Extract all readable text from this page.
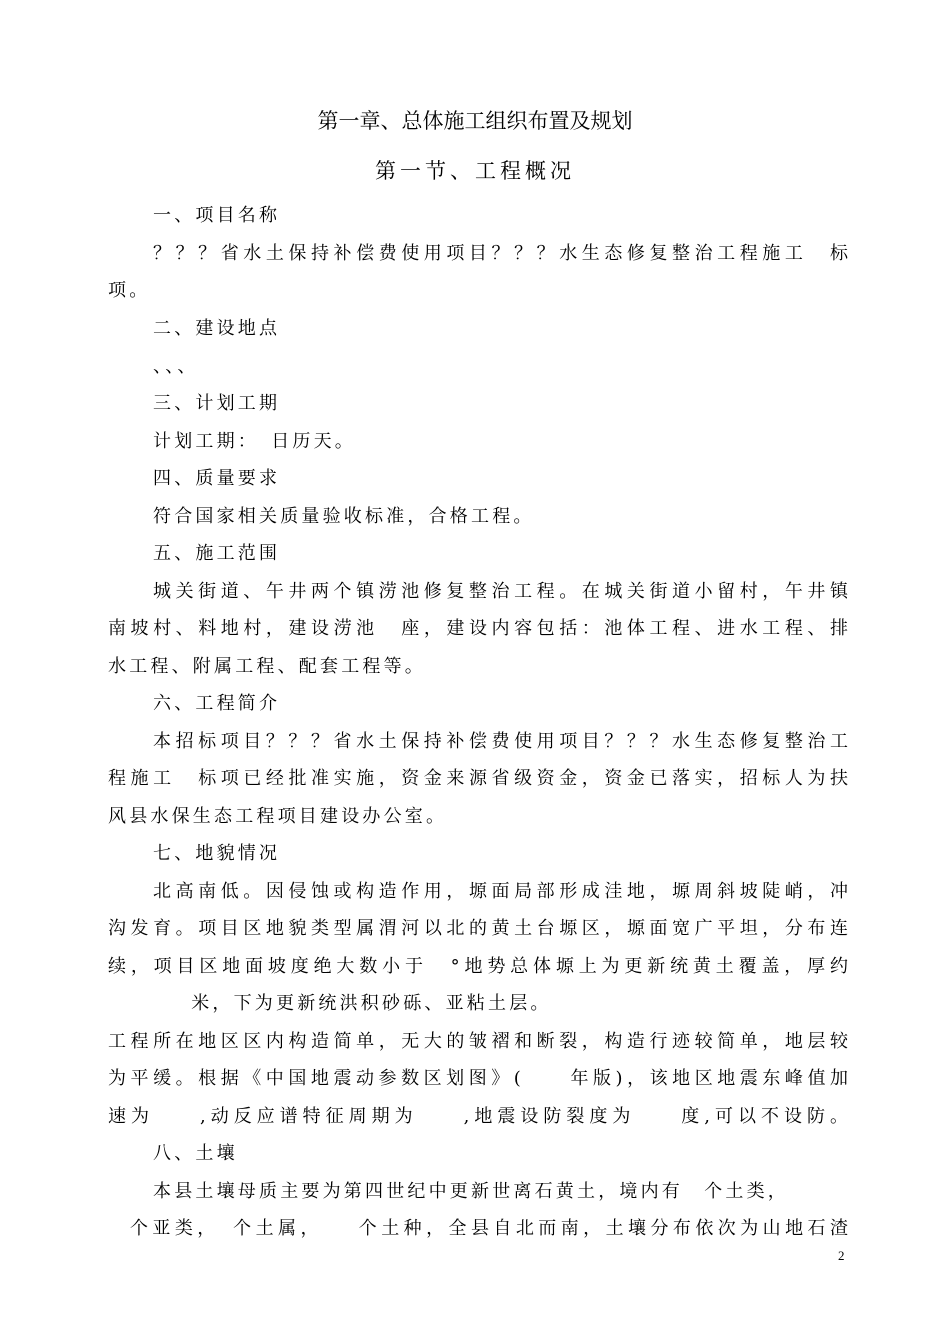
第一章、总体施工组织布置及规划
第一节、工程概况
一、项目名称
？？？省水土保持补偿费使用项目？？？水生态修复整治工程施工　标
项。
二、建设地点
、、、
三、计划工期
计划工期：　日历天。
四、质量要求
符合国家相关质量验收标准，合格工程。
五、施工范围
城关街道、午井两个镇涝池修复整治工程。在城关街道小留村，午井镇
南坡村、料地村，建设涝池　座，建设内容包括：池体工程、进水工程、排
水工程、附属工程、配套工程等。
六、工程简介
本招标项目？？？省水土保持补偿费使用项目？？？水生态修复整治工
程施工　标项已经批准实施，资金来源省级资金，资金已落实，招标人为扶
风县水保生态工程项目建设办公室。
七、地貌情况
北高南低。因侵蚀或构造作用，塬面局部形成洼地，塬周斜坡陡峭，冲
沟发育。项目区地貌类型属渭河以北的黄土台塬区，塬面宽广平坦，分布连
续，项目区地面坡度绝大数小于　°地势总体塬上为更新统黄土覆盖，厚约
　米，下为更新统洪积砂砾、亚粘土层。
工程所在地区区内构造简单，无大的皱褶和断裂，构造行迹较简单，地层较
为平缓。根据《中国地震动参数区划图》(　　年版)，该地区地震东峰值加
速为　　,动反应谱特征周期为　　,地震设防裂度为　　度,可以不设防。
八、土壤
本县土壤母质主要为第四世纪中更新世离石黄土，境内有　个土类，
个亚类，　个土属，　　个土种，全县自北而南，土壤分布依次为山地石渣
2
